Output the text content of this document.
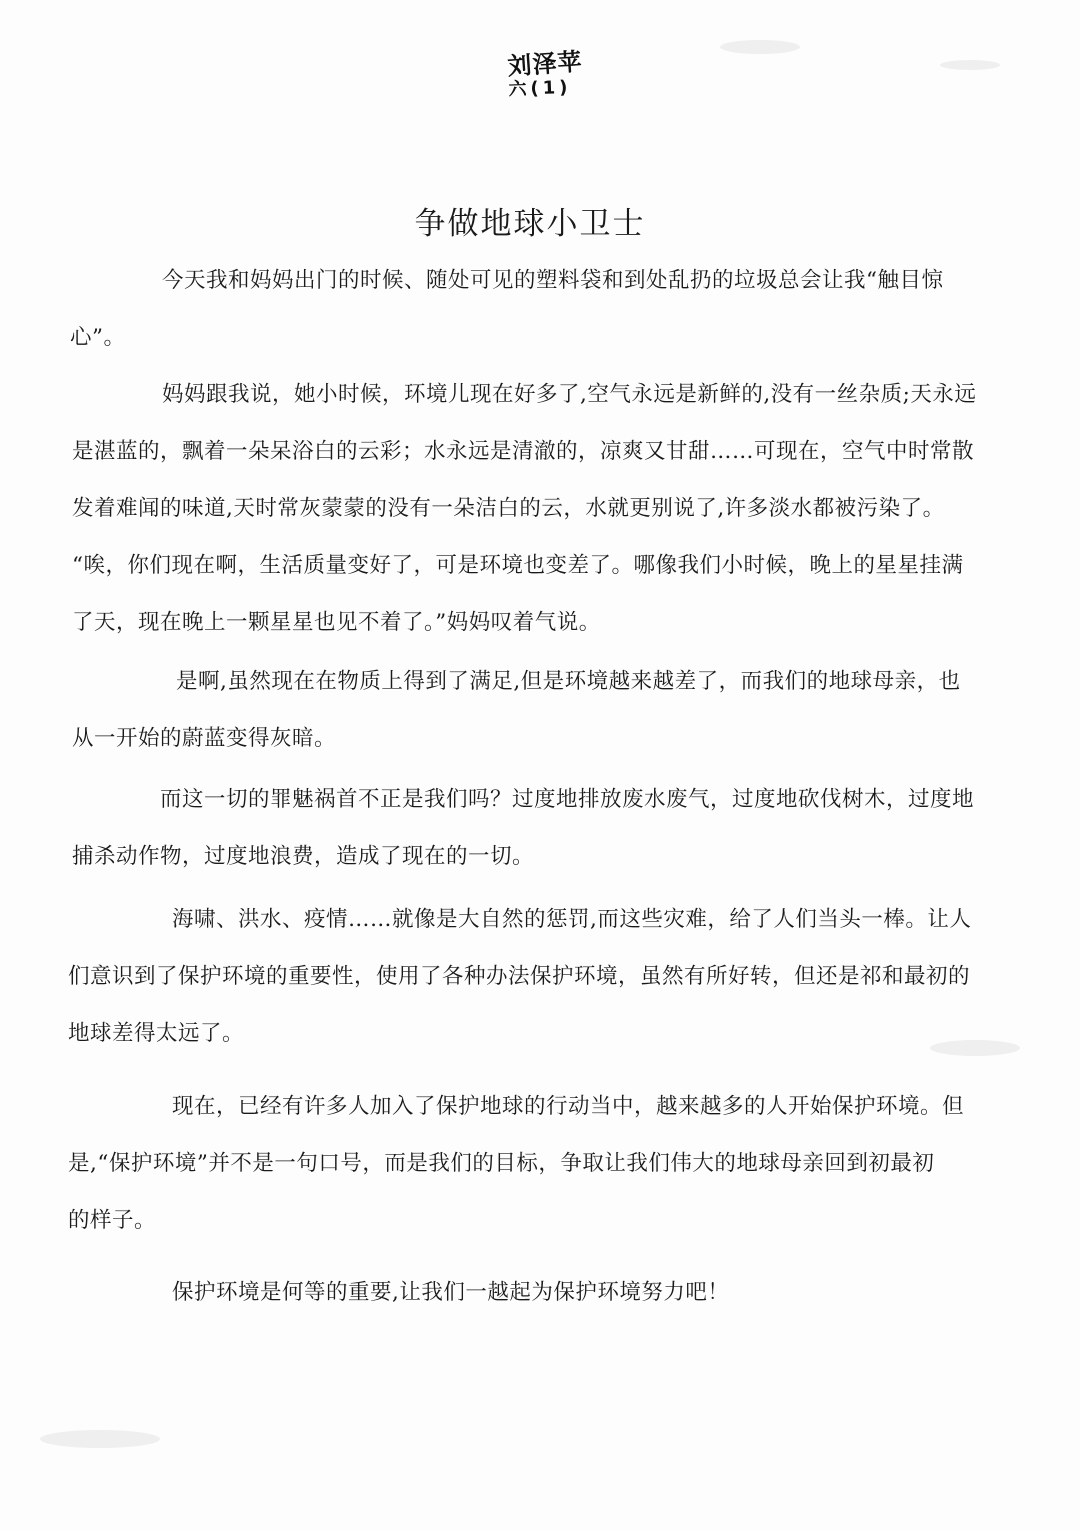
刘泽苹
六(1)
争做地球小卫士
今天我和妈妈出门的时候、随处可见的塑料袋和到处乱扔的垃圾总会让我“触目惊
心”。
妈妈跟我说，她小时候，环境儿现在好多了,空气永远是新鲜的,没有一丝杂质;天永远
是湛蓝的，飘着一朵呆浴白的云彩；水永远是清澈的，凉爽又甘甜……可现在，空气中时常散
发着难闻的味道,天时常灰蒙蒙的没有一朵洁白的云，水就更别说了,许多淡水都被污染了。
“唉，你们现在啊，生活质量变好了，可是环境也变差了。哪像我们小时候，晚上的星星挂满
了天，现在晚上一颗星星也见不着了。”妈妈叹着气说。
是啊,虽然现在在物质上得到了满足,但是环境越来越差了，而我们的地球母亲，也
从一开始的蔚蓝变得灰暗。
而这一切的罪魅祸首不正是我们吗？过度地排放废水废气，过度地砍伐树木，过度地
捕杀动作物，过度地浪费，造成了现在的一切。
海啸、洪水、疫情……就像是大自然的惩罚,而这些灾难，给了人们当头一棒。让人
们意识到了保护环境的重要性，使用了各种办法保护环境，虽然有所好转，但还是祁和最初的
地球差得太远了。
现在，已经有许多人加入了保护地球的行动当中，越来越多的人开始保护环境。但
是,“保护环境”并不是一句口号，而是我们的目标，争取让我们伟大的地球母亲回到初最初
的样子。
保护环境是何等的重要,让我们一越起为保护环境努力吧！
